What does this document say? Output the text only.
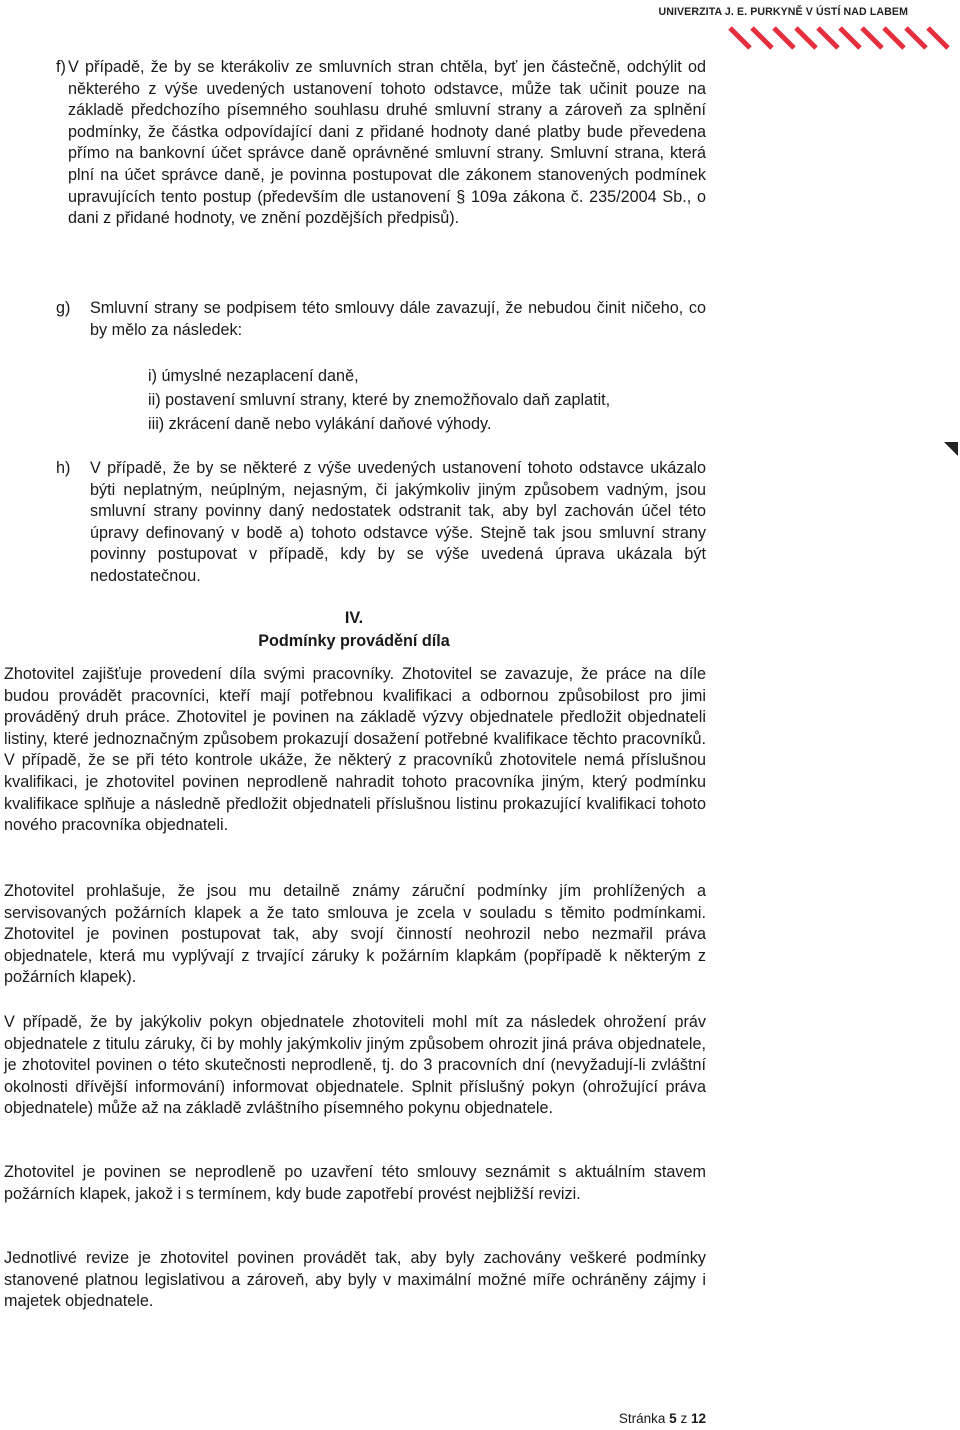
UNIVERZITA J. E. PURKYNĚ V ÚSTÍ NAD LABEM
f) V případě, že by se kterákoliv ze smluvních stran chtěla, byť jen částečně, odchýlit od některého z výše uvedených ustanovení tohoto odstavce, může tak učinit pouze na základě předchozího písemného souhlasu druhé smluvní strany a zároveň za splnění podmínky, že částka odpovídající dani z přidané hodnoty dané platby bude převedena přímo na bankovní účet správce daně oprávněné smluvní strany. Smluvní strana, která plní na účet správce daně, je povinna postupovat dle zákonem stanovených podmínek upravujících tento postup (především dle ustanovení § 109a zákona č. 235/2004 Sb., o dani z přidané hodnoty, ve znění pozdějších předpisů).
g) Smluvní strany se podpisem této smlouvy dále zavazují, že nebudou činit ničeho, co by mělo za následek:
i) úmyslné nezaplacení daně,
ii) postavení smluvní strany, které by znemožňovalo daň zaplatit,
iii) zkrácení daně nebo vylákání daňové výhody.
h) V případě, že by se některé z výše uvedených ustanovení tohoto odstavce ukázalo býti neplatným, neúplným, nejasným, či jakýmkoliv jiným způsobem vadným, jsou smluvní strany povinny daný nedostatek odstranit tak, aby byl zachován účel této úpravy definovaný v bodě a) tohoto odstavce výše. Stejně tak jsou smluvní strany povinny postupovat v případě, kdy by se výše uvedená úprava ukázala být nedostatečnou.
IV.
Podmínky provádění díla
Zhotovitel zajišťuje provedení díla svými pracovníky. Zhotovitel se zavazuje, že práce na díle budou provádět pracovníci, kteří mají potřebnou kvalifikaci a odbornou způsobilost pro jimi prováděný druh práce. Zhotovitel je povinen na základě výzvy objednatele předložit objednateli listiny, které jednoznačným způsobem prokazují dosažení potřebné kvalifikace těchto pracovníků. V případě, že se při této kontrole ukáže, že některý z pracovníků zhotovitele nemá příslušnou kvalifikaci, je zhotovitel povinen neprodleně nahradit tohoto pracovníka jiným, který podmínku kvalifikace splňuje a následně předložit objednateli příslušnou listinu prokazující kvalifikaci tohoto nového pracovníka objednateli.
Zhotovitel prohlašuje, že jsou mu detailně známy záruční podmínky jím prohlížených a servisovaných požárních klapek a že tato smlouva je zcela v souladu s těmito podmínkami. Zhotovitel je povinen postupovat tak, aby svojí činností neohrozil nebo nezmařil práva objednatele, která mu vyplývají z trvající záruky k požárním klapkám (popřípadě k některým z požárních klapek).
V případě, že by jakýkoliv pokyn objednatele zhotoviteli mohl mít za následek ohrožení práv objednatele z titulu záruky, či by mohly jakýmkoliv jiným způsobem ohrozit jiná práva objednatele, je zhotovitel povinen o této skutečnosti neprodleně, tj. do 3 pracovních dní (nevyžadují-li zvláštní okolnosti dřívější informování) informovat objednatele. Splnit příslušný pokyn (ohrožující práva objednatele) může až na základě zvláštního písemného pokynu objednatele.
Zhotovitel je povinen se neprodleně po uzavření této smlouvy seznámit s aktuálním stavem požárních klapek, jakož i s termínem, kdy bude zapotřebí provést nejbližší revizi.
Jednotlivé revize je zhotovitel povinen provádět tak, aby byly zachovány veškeré podmínky stanovené platnou legislativou a zároveň, aby byly v maximální možné míře ochráněny zájmy i majetek objednatele.
Stránka 5 z 12
